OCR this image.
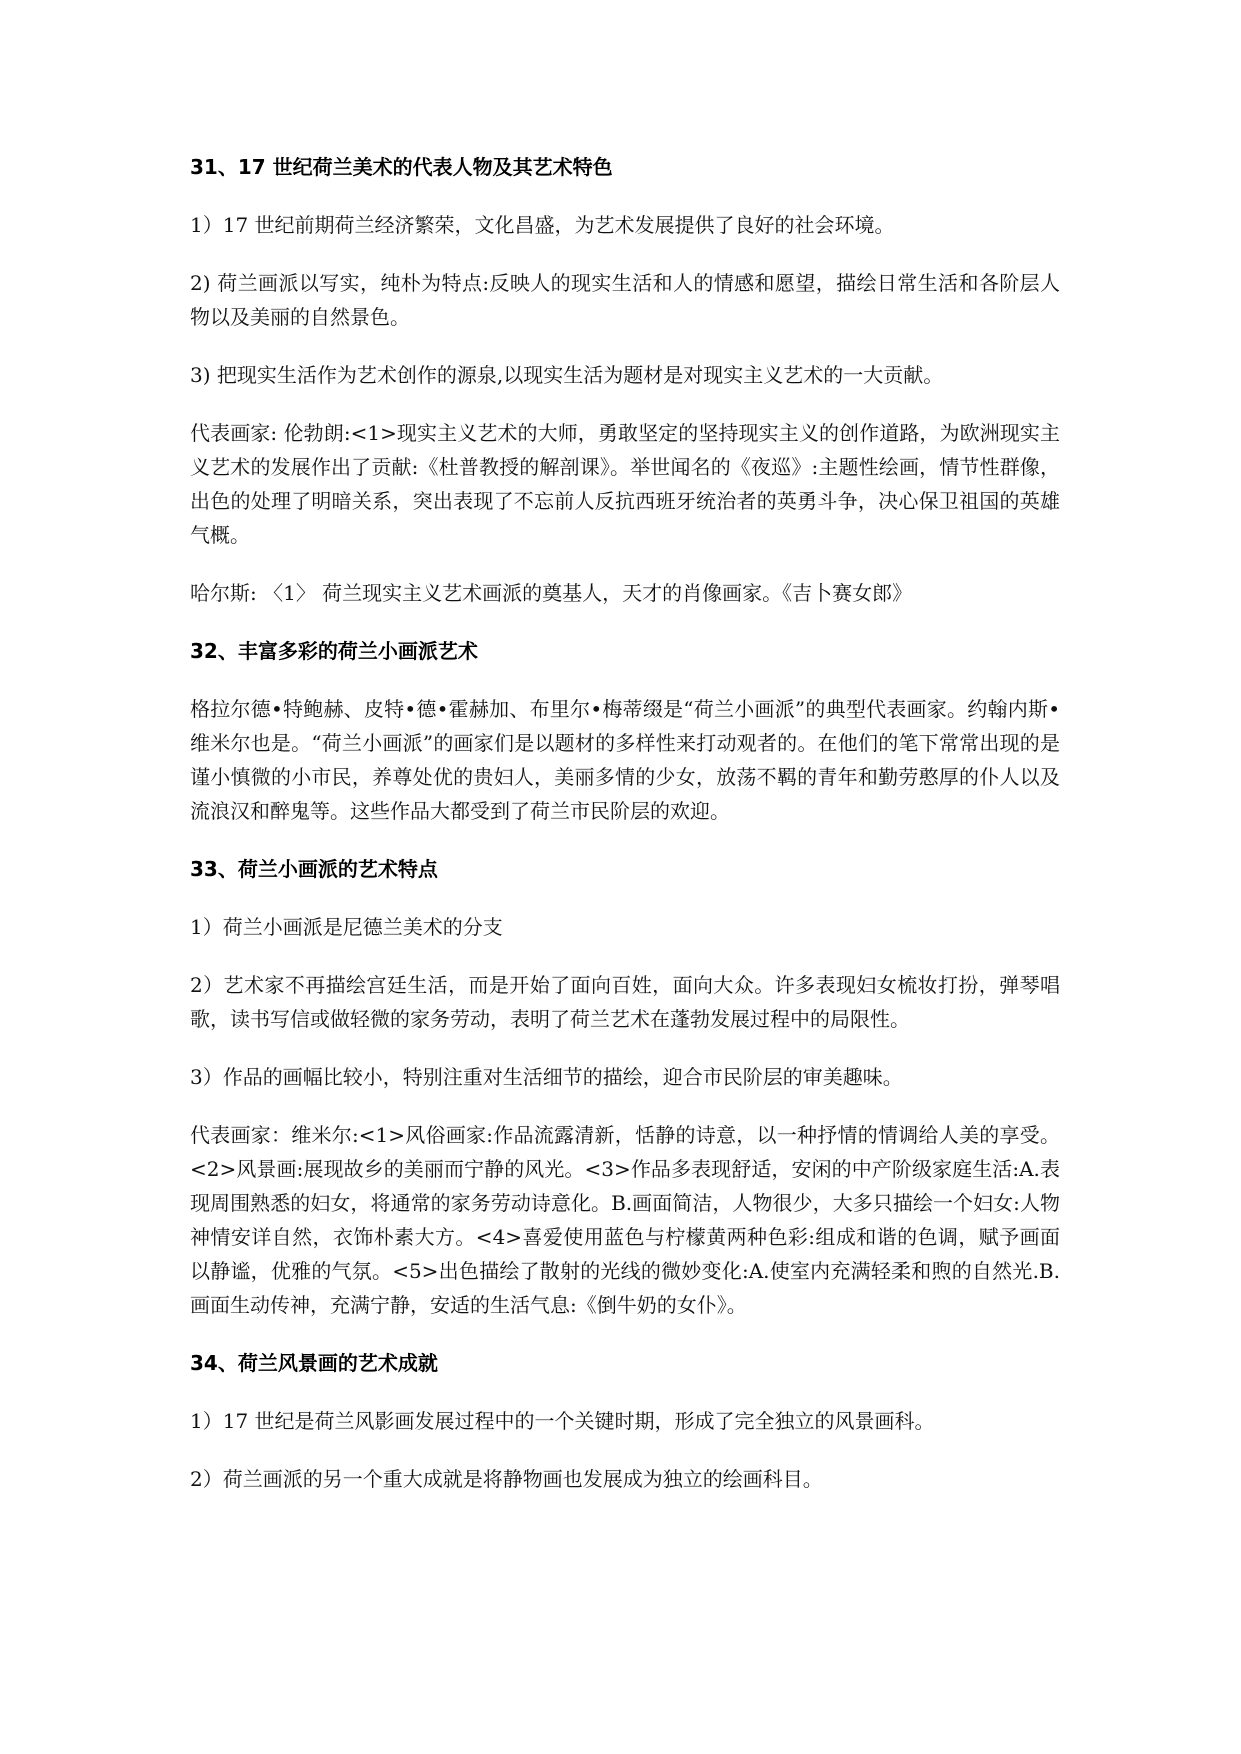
31、17 世纪荷兰美术的代表人物及其艺术特色
1）17 世纪前期荷兰经济繁荣，文化昌盛，为艺术发展提供了良好的社会环境。
2) 荷兰画派以写实，纯朴为特点:反映人的现实生活和人的情感和愿望，描绘日常生活和各阶层人物以及美丽的自然景色。
3) 把现实生活作为艺术创作的源泉,以现实生活为题材是对现实主义艺术的一大贡献。
代表画家: 伦勃朗:<1>现实主义艺术的大师，勇敢坚定的坚持现实主义的创作道路，为欧洲现实主义艺术的发展作出了贡献:《杜普教授的解剖课》。举世闻名的《夜巡》:主题性绘画，情节性群像，出色的处理了明暗关系，突出表现了不忘前人反抗西班牙统治者的英勇斗争，决心保卫祖国的英雄气概。
哈尔斯: 〈1〉 荷兰现实主义艺术画派的奠基人，天才的肖像画家。《吉卜赛女郎》
32、丰富多彩的荷兰小画派艺术
格拉尔德•特鲍赫、皮特•德•霍赫加、布里尔•梅蒂缀是“荷兰小画派”的典型代表画家。约翰内斯•维米尔也是。“荷兰小画派”的画家们是以题材的多样性来打动观者的。在他们的笔下常常出现的是谨小慎微的小市民，养尊处优的贵妇人，美丽多情的少女，放荡不羁的青年和勤劳憨厚的仆人以及流浪汉和醉鬼等。这些作品大都受到了荷兰市民阶层的欢迎。
33、荷兰小画派的艺术特点
1）荷兰小画派是尼德兰美术的分支
2）艺术家不再描绘宫廷生活，而是开始了面向百姓，面向大众。许多表现妇女梳妆打扮，弹琴唱歌，读书写信或做轻微的家务劳动，表明了荷兰艺术在蓬勃发展过程中的局限性。
3）作品的画幅比较小，特别注重对生活细节的描绘，迎合市民阶层的审美趣味。
代表画家：维米尔:<1>风俗画家:作品流露清新，恬静的诗意，以一种抒情的情调给人美的享受。<2>风景画:展现故乡的美丽而宁静的风光。<3>作品多表现舒适，安闲的中产阶级家庭生活:A.表现周围熟悉的妇女，将通常的家务劳动诗意化。B.画面简洁，人物很少，大多只描绘一个妇女:人物神情安详自然，衣饰朴素大方。<4>喜爱使用蓝色与柠檬黄两种色彩:组成和谐的色调，赋予画面以静谧，优雅的气氛。<5>出色描绘了散射的光线的微妙变化:A.使室内充满轻柔和煦的自然光.B.画面生动传神，充满宁静，安适的生活气息:《倒牛奶的女仆》。
34、荷兰风景画的艺术成就
1）17 世纪是荷兰风影画发展过程中的一个关键时期，形成了完全独立的风景画科。
2）荷兰画派的另一个重大成就是将静物画也发展成为独立的绘画科目。
